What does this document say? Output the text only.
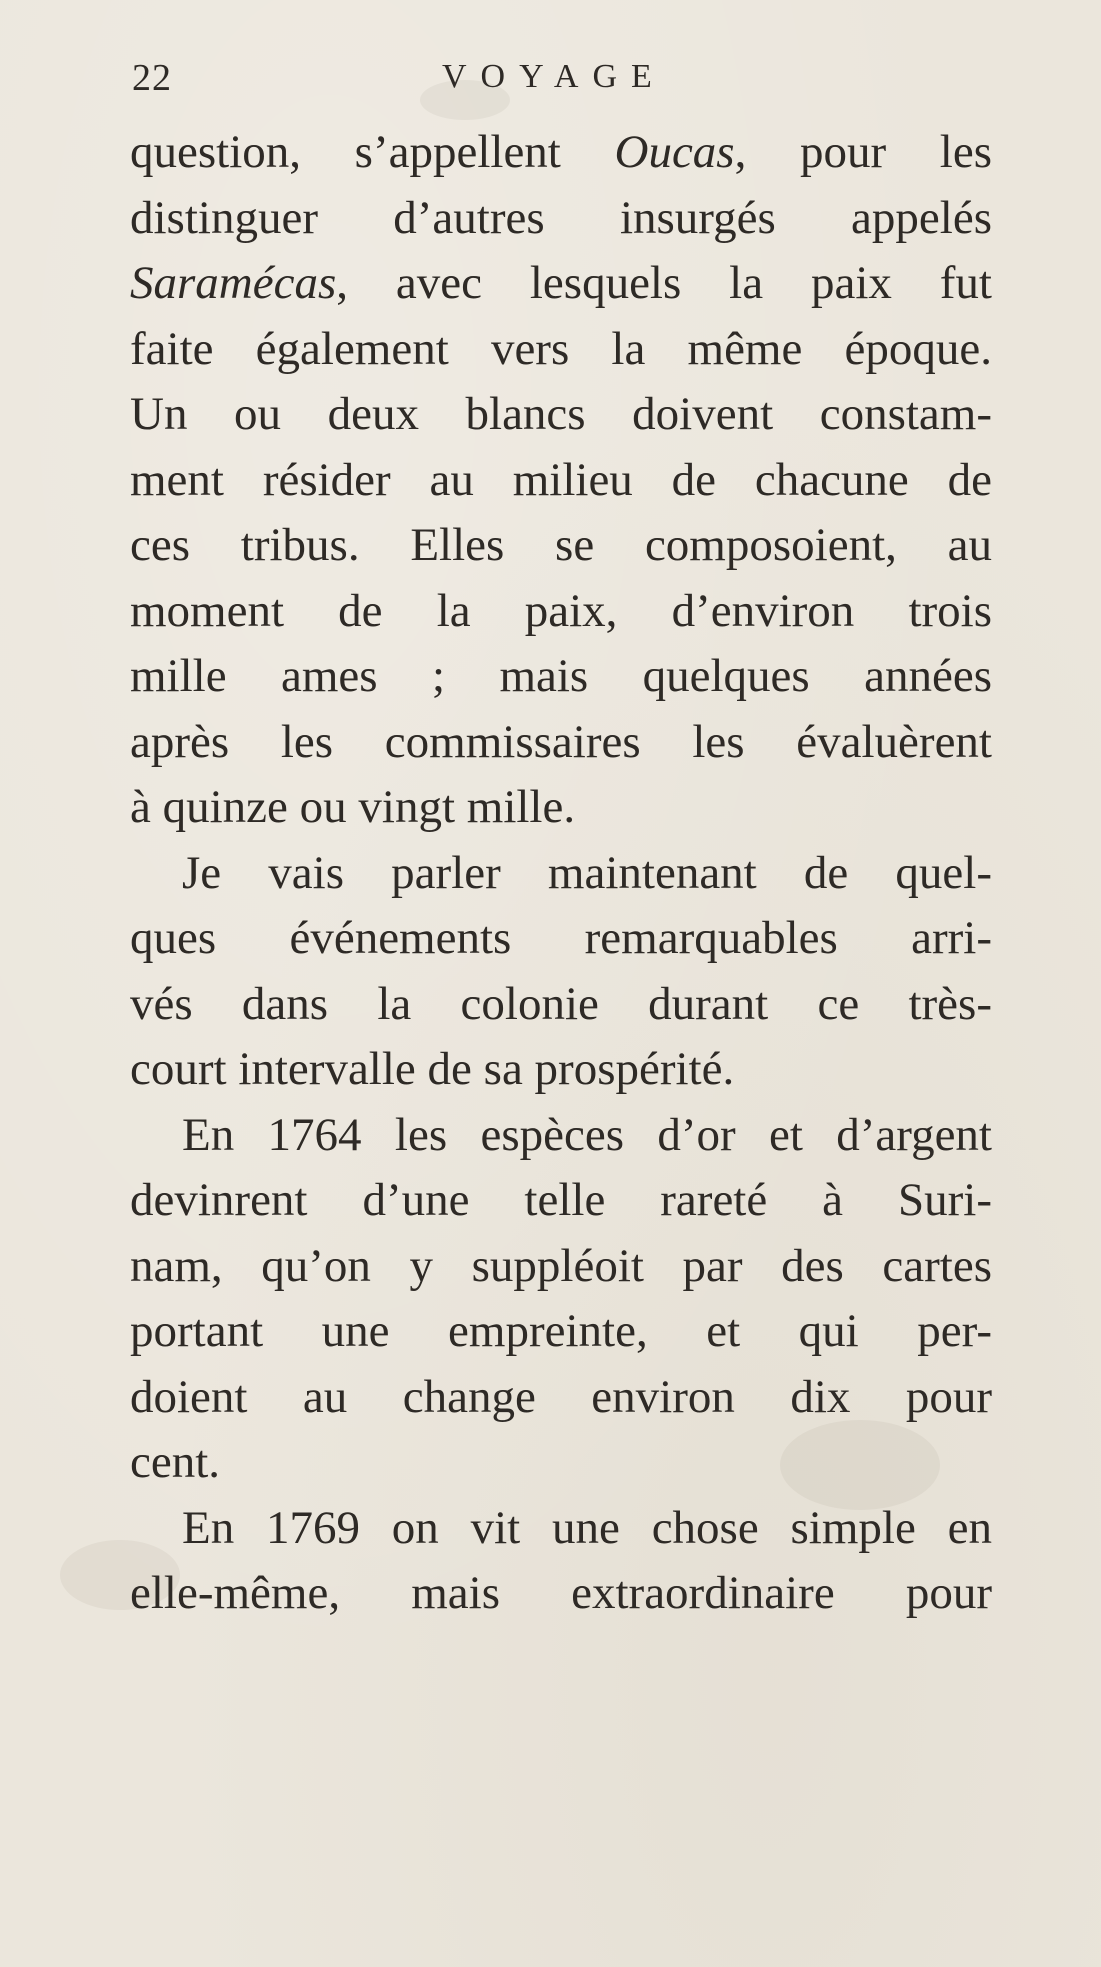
22	VOYAGE
question, s’appellent Oucas, pour les
distinguer d’autres insurgés appelés
Saramécas, avec lesquels la paix fut
faite également vers la même époque.
Un ou deux blancs doivent constam-
ment résider au milieu de chacune de
ces tribus. Elles se composoient, au
moment de la paix, d’environ trois
mille ames ; mais quelques années
après les commissaires les évaluèrent
à quinze ou vingt mille.
Je vais parler maintenant de quel-
ques événements remarquables arri-
vés dans la colonie durant ce très-
court intervalle de sa prospérité.
En 1764 les espèces d’or et d’argent
devinrent d’une telle rareté à Suri-
nam, qu’on y suppléoit par des cartes
portant une empreinte, et qui per-
doient au change environ dix pour
cent.
En 1769 on vit une chose simple en
elle-même, mais extraordinaire pour
